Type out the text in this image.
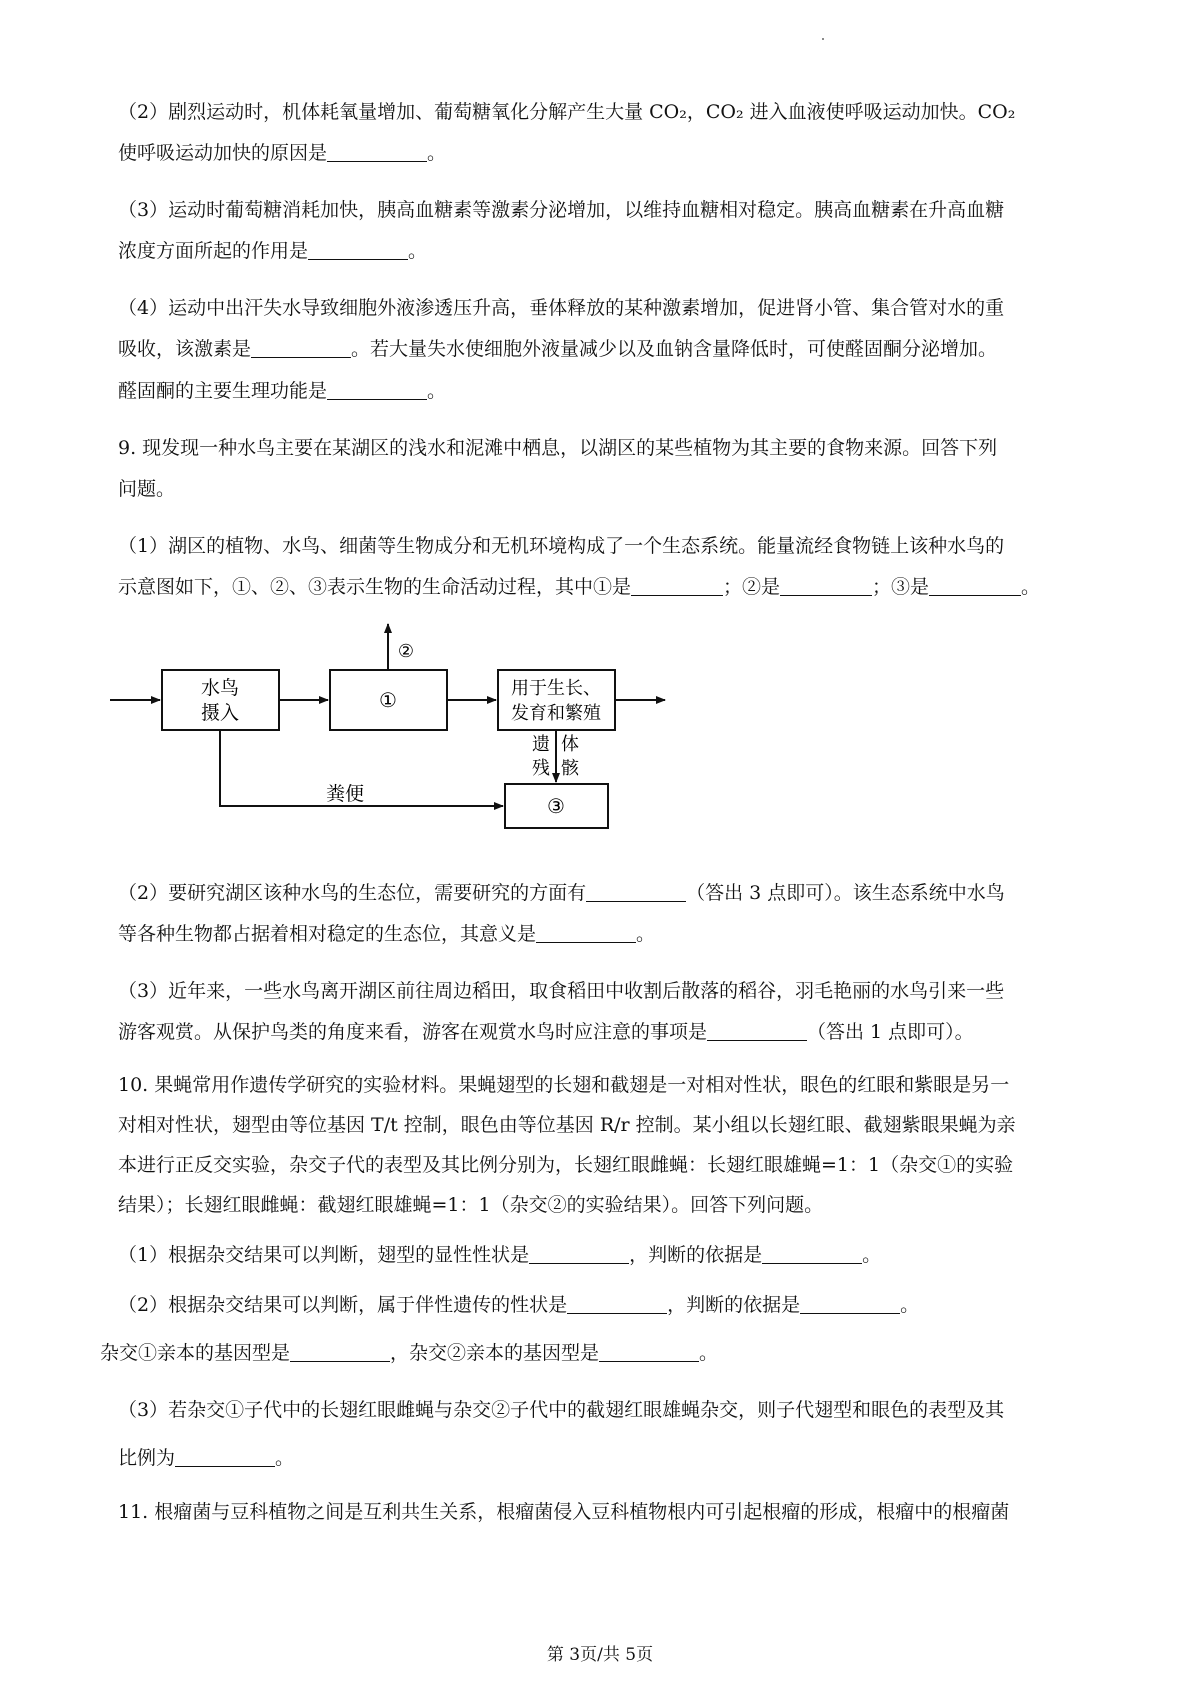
（2）剧烈运动时，机体耗氧量增加、葡萄糖氧化分解产生大量 CO₂，CO₂ 进入血液使呼吸运动加快。CO₂
使呼吸运动加快的原因是	。
（3）运动时葡萄糖消耗加快，胰高血糖素等激素分泌增加，以维持血糖相对稳定。胰高血糖素在升高血糖
浓度方面所起的作用是	。
（4）运动中出汗失水导致细胞外液渗透压升高，垂体释放的某种激素增加，促进肾小管、集合管对水的重
吸收，该激素是	。若大量失水使细胞外液量减少以及血钠含量降低时，可使醛固酮分泌增加。
醛固酮的主要生理功能是	。
9. 现发现一种水鸟主要在某湖区的浅水和泥滩中栖息，以湖区的某些植物为其主要的食物来源。回答下列
问题。
（1）湖区的植物、水鸟、细菌等生物成分和无机环境构成了一个生态系统。能量流经食物链上该种水鸟的
示意图如下，①、②、③表示生物的生命活动过程，其中①是	；②是	；③是	。
水鸟
摄入
①
②
用于生长、
发育和繁殖
遗
残
体
骸
③
粪便
（2）要研究湖区该种水鸟的生态位，需要研究的方面有	（答出 3 点即可）。该生态系统中水鸟
等各种生物都占据着相对稳定的生态位，其意义是	。
（3）近年来，一些水鸟离开湖区前往周边稻田，取食稻田中收割后散落的稻谷，羽毛艳丽的水鸟引来一些
游客观赏。从保护鸟类的角度来看，游客在观赏水鸟时应注意的事项是	（答出 1 点即可）。
10. 果蝇常用作遗传学研究的实验材料。果蝇翅型的长翅和截翅是一对相对性状，眼色的红眼和紫眼是另一
对相对性状，翅型由等位基因 T/t 控制，眼色由等位基因 R/r 控制。某小组以长翅红眼、截翅紫眼果蝇为亲
本进行正反交实验，杂交子代的表型及其比例分别为，长翅红眼雌蝇：长翅红眼雄蝇=1：1（杂交①的实验
结果）；长翅红眼雌蝇：截翅红眼雄蝇=1：1（杂交②的实验结果）。回答下列问题。
（1）根据杂交结果可以判断，翅型的显性性状是	，判断的依据是	。
（2）根据杂交结果可以判断，属于伴性遗传的性状是	，判断的依据是	。
杂交①亲本的基因型是	，杂交②亲本的基因型是	。
（3）若杂交①子代中的长翅红眼雌蝇与杂交②子代中的截翅红眼雄蝇杂交，则子代翅型和眼色的表型及其
比例为	。
11. 根瘤菌与豆科植物之间是互利共生关系，根瘤菌侵入豆科植物根内可引起根瘤的形成，根瘤中的根瘤菌
第 3页/共 5页
